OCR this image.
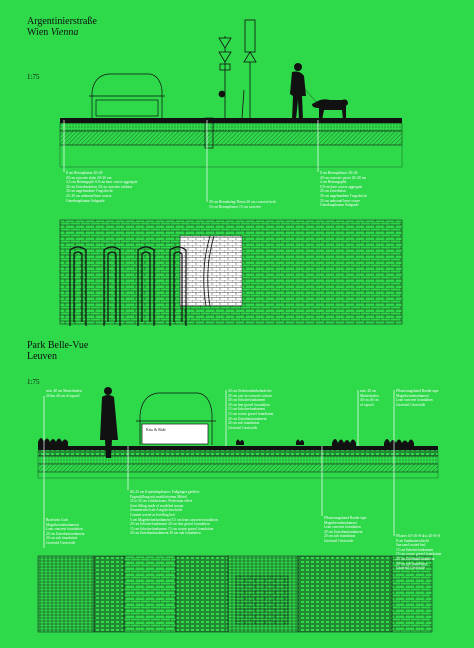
Argentinierstraße
Wien Vienna
1:75
Park Belle-Vue
Leuven
1:75
Kiss & Ride
8 cm Betonplatten 20×20
20 cm concrete slabs 20×20 cm
4,5 cm Bettungsplit 0,8 cm base course aggregate
20 cm Unterbauheton 20 cm concrete subbase
30 cm ungebundene Tragschicht
25–30 cm unbound base course
Unterbauplanum Subgrade	20 cm Betonbelag/ Beton 20 cm concrete kerb
10 cm Betonpflaster 15 cm concrete
8 cm Betonpflaster 20×20
20 cm concrete paver 20×20 cm
4 cm Bettungsplitt
0,8 cm base course aggregate
20 cm Unterbeton
30 cm ungebundene Tragschicht
25 cm unbound base course
Unterbauplanum Subgrade
min. 40 cm Mutterboden
20 km 40 cm of topsoil
20 cm Ortbetonfahrbahndecke
20 cm cast-in-concrete surface
30 cm Schotterfundament
20 cm fine gravel foundation
15 cm Schotterfundament
15 cm coarse gravel foundation
20 cm Unterbaufundament
20 cm sub foundation
Geotextil Geotextile
min. 40 cm
Mutterboden
40 cm 40 cm
of topsoil
Pflasterungsband Border tape
Magerbetonfundament
Lean concrete foundation
Geotextil Geotextile
Bordstein Curb
Magerbetonfundament
Lean concrete foundation
20 cm Unterbaufundament
20 cm sub foundation
Geotextil Geotextile
60–25 cm Kopfsteinpflaster, Fußgänger geeffect
Fugenfüllung mit modifiziertem Mörtel
25 to 35 cm cobblestones, Pedestrian effect
Joint filling made of modified mortar
Zementestrich als Ausgleichsschicht
Cement screed as levelling bed
5 cm Magerbetonfundament 5,5 cm lean concrete foundation
20 cm Schotterfundament 20 cm fine gravel foundation
15 cm Schotterfundament 15 cm coarse gravel foundation
20 cm Unterbaufundament 20 cm sub foundation
Pflasterungsband Border tape
Magerbetonfundament
Lean concrete foundation
20 cm Unterbaufundament
20 cm sub foundation
Geotextil Geotextile
Pflaster 10×10×8 also 20×8×8
8 cm Sandunterschicht
San sand coated bed
15 cm Schotterfundament
15 cm coarse gravel foundation
20 cm Unterbaufundament
20 cm sub foundation
Geotextil Geotextile
